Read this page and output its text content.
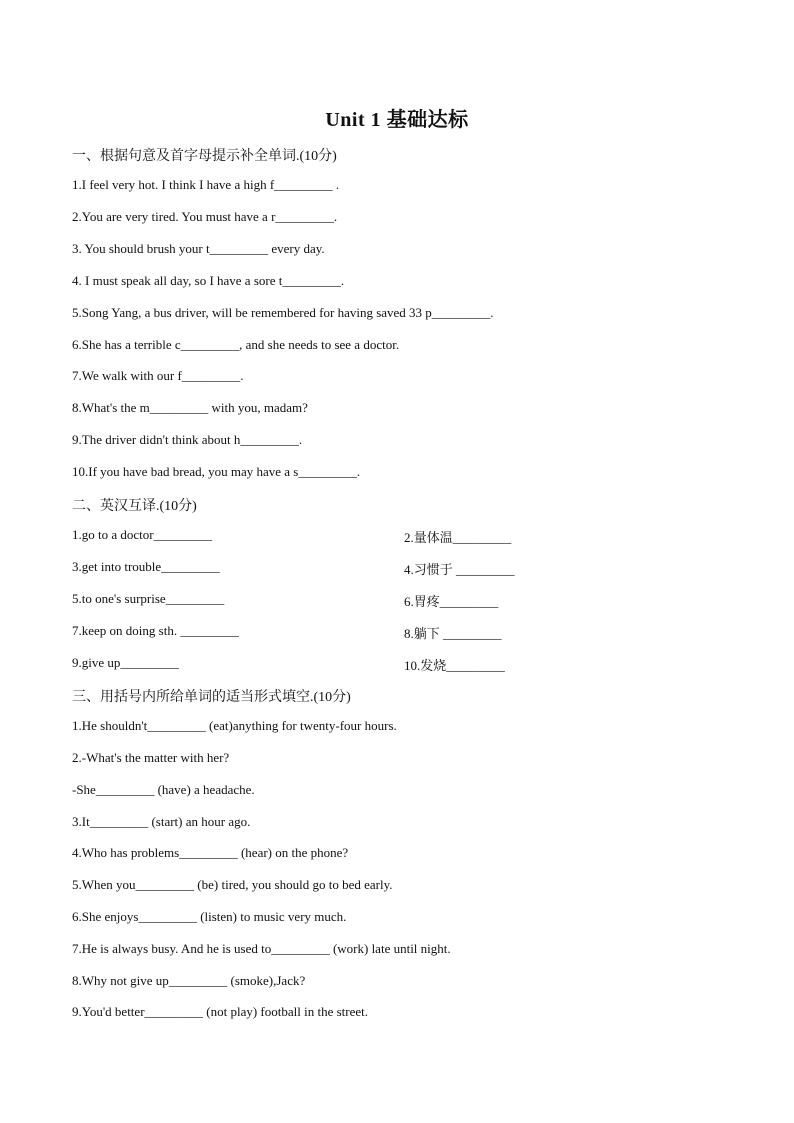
Unit 1 基础达标
一、根据句意及首字母提示补全单词.(10分)
1.I feel very hot. I think I have a high f_________ .
2.You are very tired. You must have a r_________.
3. You should brush your t_________ every day.
4. I must speak all day, so I have a sore t_________.
5.Song Yang, a bus driver, will be remembered for having saved 33 p_________.
6.She has a terrible c_________, and she needs to see a doctor.
7.We walk with our f_________.
8.What's the m_________ with you, madam?
9.The driver didn't think about h_________.
10.If you have bad bread, you may have a s_________.
二、英汉互译.(10分)
1.go to a doctor_________	2.量体温_________
3.get into trouble_________	4.习惯于 _________
5.to one's surprise_________	6.胃疼_________
7.keep on doing sth. _________	8.躺下 _________
9.give up_________	10.发烧_________
三、用括号内所给单词的适当形式填空.(10分)
1.He shouldn't_________ (eat)anything for twenty-four hours.
2.-What's the matter with her?
-She_________ (have) a headache.
3.It_________ (start) an hour ago.
4.Who has problems_________ (hear) on the phone?
5.When you_________ (be) tired, you should go to bed early.
6.She enjoys_________ (listen) to music very much.
7.He is always busy. And he is used to_________ (work) late until night.
8.Why not give up_________ (smoke),Jack?
9.You'd better_________ (not play) football in the street.
